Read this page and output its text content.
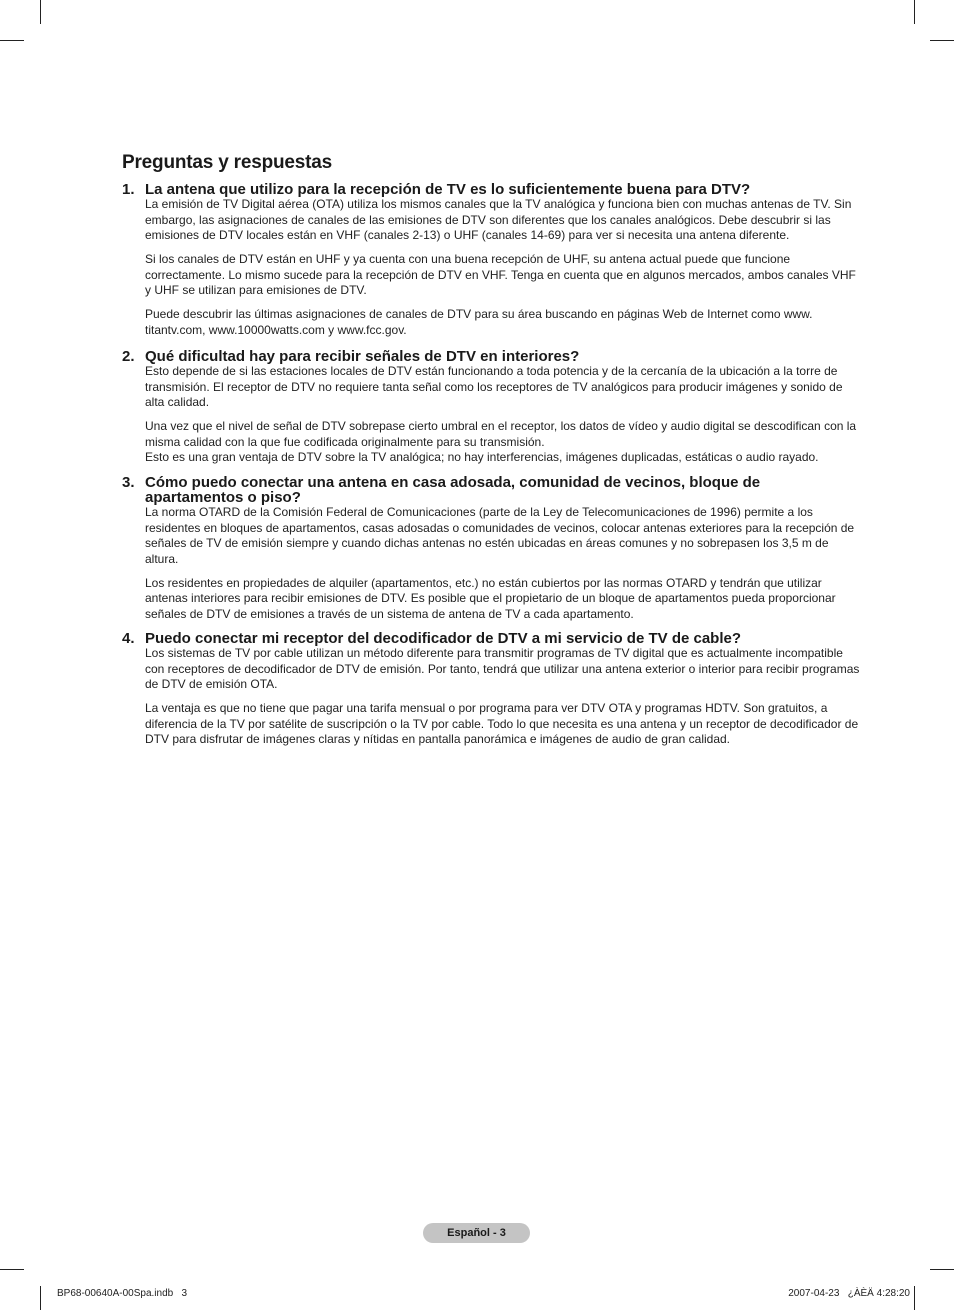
Preguntas y respuestas
1. La antena que utilizo para la recepción de TV es lo suficientemente buena para DTV?

La emisión de TV Digital aérea (OTA) utiliza los mismos canales que la TV analógica y funciona bien con muchas antenas de TV. Sin embargo, las asignaciones de canales de las emisiones de DTV son diferentes que los canales analógicos. Debe descubrir si las emisiones de DTV locales están en VHF (canales 2-13) o UHF (canales 14-69) para ver si necesita una antena diferente.

Si los canales de DTV están en UHF y ya cuenta con una buena recepción de UHF, su antena actual puede que funcione correctamente. Lo mismo sucede para la recepción de DTV en VHF. Tenga en cuenta que en algunos mercados, ambos canales VHF y UHF se utilizan para emisiones de DTV.

Puede descubrir las últimas asignaciones de canales de DTV para su área buscando en páginas Web de Internet como www. titantv.com, www.10000watts.com y www.fcc.gov.

2. Qué dificultad hay para recibir señales de DTV en interiores?

Esto depende de si las estaciones locales de DTV están funcionando a toda potencia y de la cercanía de la ubicación a la torre de transmisión. El receptor de DTV no requiere tanta señal como los receptores de TV analógicos para producir imágenes y sonido de alta calidad.

Una vez que el nivel de señal de DTV sobrepase cierto umbral en el receptor, los datos de vídeo y audio digital se descodifican con la misma calidad con la que fue codificada originalmente para su transmisión.
Esto es una gran ventaja de DTV sobre la TV analógica; no hay interferencias, imágenes duplicadas, estáticas o audio rayado.

3. Cómo puedo conectar una antena en casa adosada, comunidad de vecinos, bloque de apartamentos o piso?

La norma OTARD de la Comisión Federal de Comunicaciones (parte de la Ley de Telecomunicaciones de 1996) permite a los residentes en bloques de apartamentos, casas adosadas o comunidades de vecinos, colocar antenas exteriores para la recepción de señales de TV de emisión siempre y cuando dichas antenas no estén ubicadas en áreas comunes y no sobrepasen los 3,5 m de altura.

Los residentes en propiedades de alquiler (apartamentos, etc.) no están cubiertos por las normas OTARD y tendrán que utilizar antenas interiores para recibir emisiones de DTV. Es posible que el propietario de un bloque de apartamentos pueda proporcionar señales de DTV de emisiones a través de un sistema de antena de TV a cada apartamento.

4. Puedo conectar mi receptor del decodificador de DTV a mi servicio de TV de cable?

Los sistemas de TV por cable utilizan un método diferente para transmitir programas de TV digital que es actualmente incompatible con receptores de decodificador de DTV de emisión. Por tanto, tendrá que utilizar una antena exterior o interior para recibir programas de DTV de emisión OTA.

La ventaja es que no tiene que pagar una tarifa mensual o por programa para ver DTV OTA y programas HDTV. Son gratuitos, a diferencia de la TV por satélite de suscripción o la TV por cable. Todo lo que necesita es una antena y un receptor de decodificador de DTV para disfrutar de imágenes claras y nítidas en pantalla panorámica e imágenes de audio de gran calidad.

Español - 3
BP68-00640A-00Spa.indb   3	2007-04-23   ¿ÀÈÄ 4:28:20
